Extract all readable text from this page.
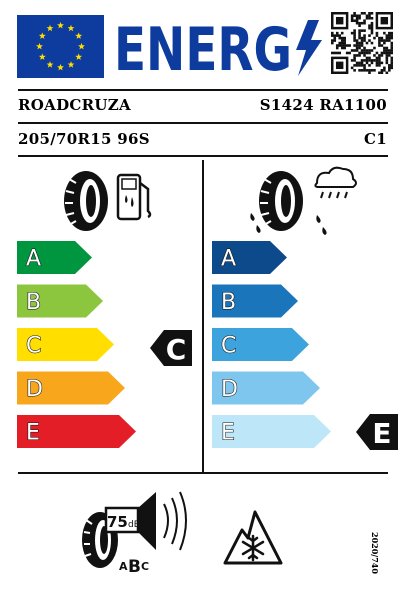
ENERG
ROADCRUZA	S1424 RA1100
205/70R15 96S	C1
A
B
C
D
E
C
A
B
C
D
E	E
75 dB
A B C	2020/740
